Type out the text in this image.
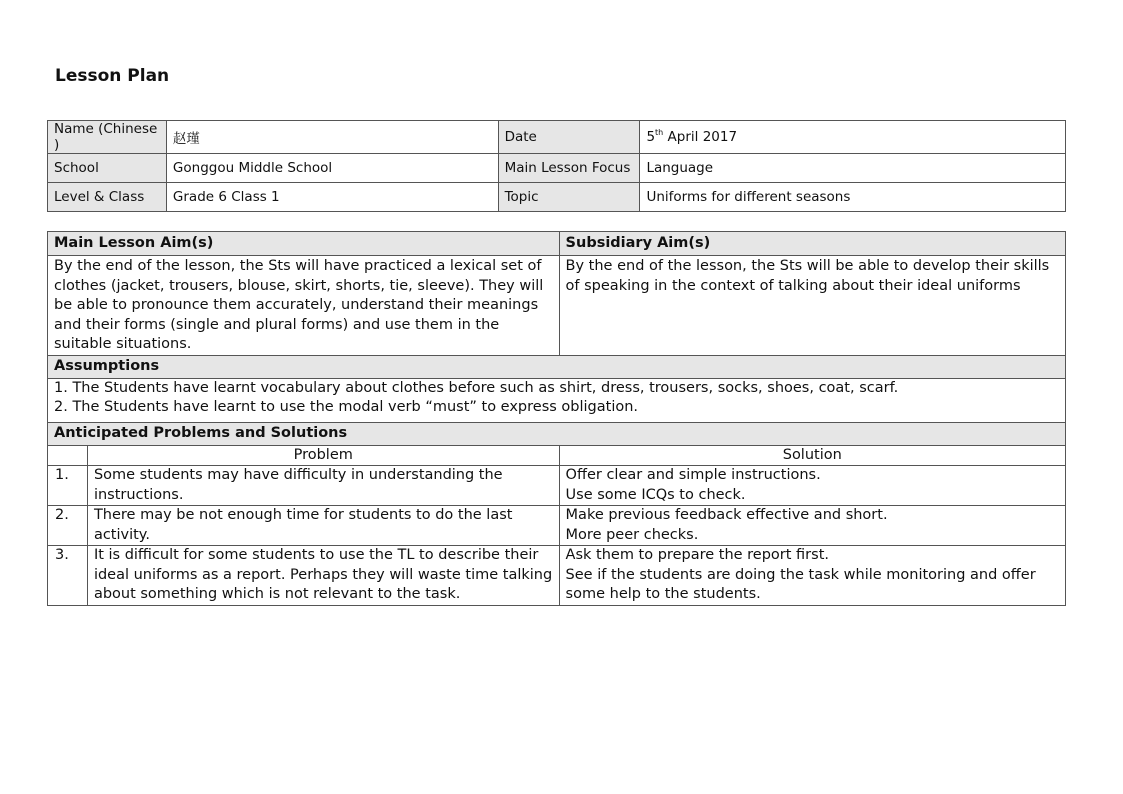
Lesson Plan
Name (Chinese )	赵瑾	Date	5th April 2017
School	Gonggou Middle School	Main Lesson Focus	Language
Level & Class	Grade 6 Class 1	Topic	Uniforms for different seasons
Main Lesson Aim(s)		Subsidiary Aim(s)
By the end of the lesson, the Sts will have practiced a lexical set of clothes (jacket, trousers, blouse, skirt, shorts, tie, sleeve). They will be able to pronounce them accurately, understand their meanings and their forms (single and plural forms) and use them in the suitable situations.		By the end of the lesson, the Sts will be able to develop their skills of speaking in the context of talking about their ideal uniforms
Assumptions		

1. The Students have learnt vocabulary about clothes before such as shirt, dress, trousers, socks, shoes, coat, scarf.
2. The Students have learnt to use the modal verb “must” to express obligation.		

Anticipated Problems and Solutions		
	Problem	Solution
1.	Some students may have difficulty in understanding the instructions.	Offer clear and simple instructions.
Use some ICQs to check.

2.	There may be not enough time for students to do the last activity.	Make previous feedback effective and short.
More peer checks.

3.	It is difficult for some students to use the TL to describe their ideal uniforms as a report. Perhaps they will waste time talking about something which is not relevant to the task.	Ask them to prepare the report first.
See if the students are doing the task while monitoring and offer some help to the students.
